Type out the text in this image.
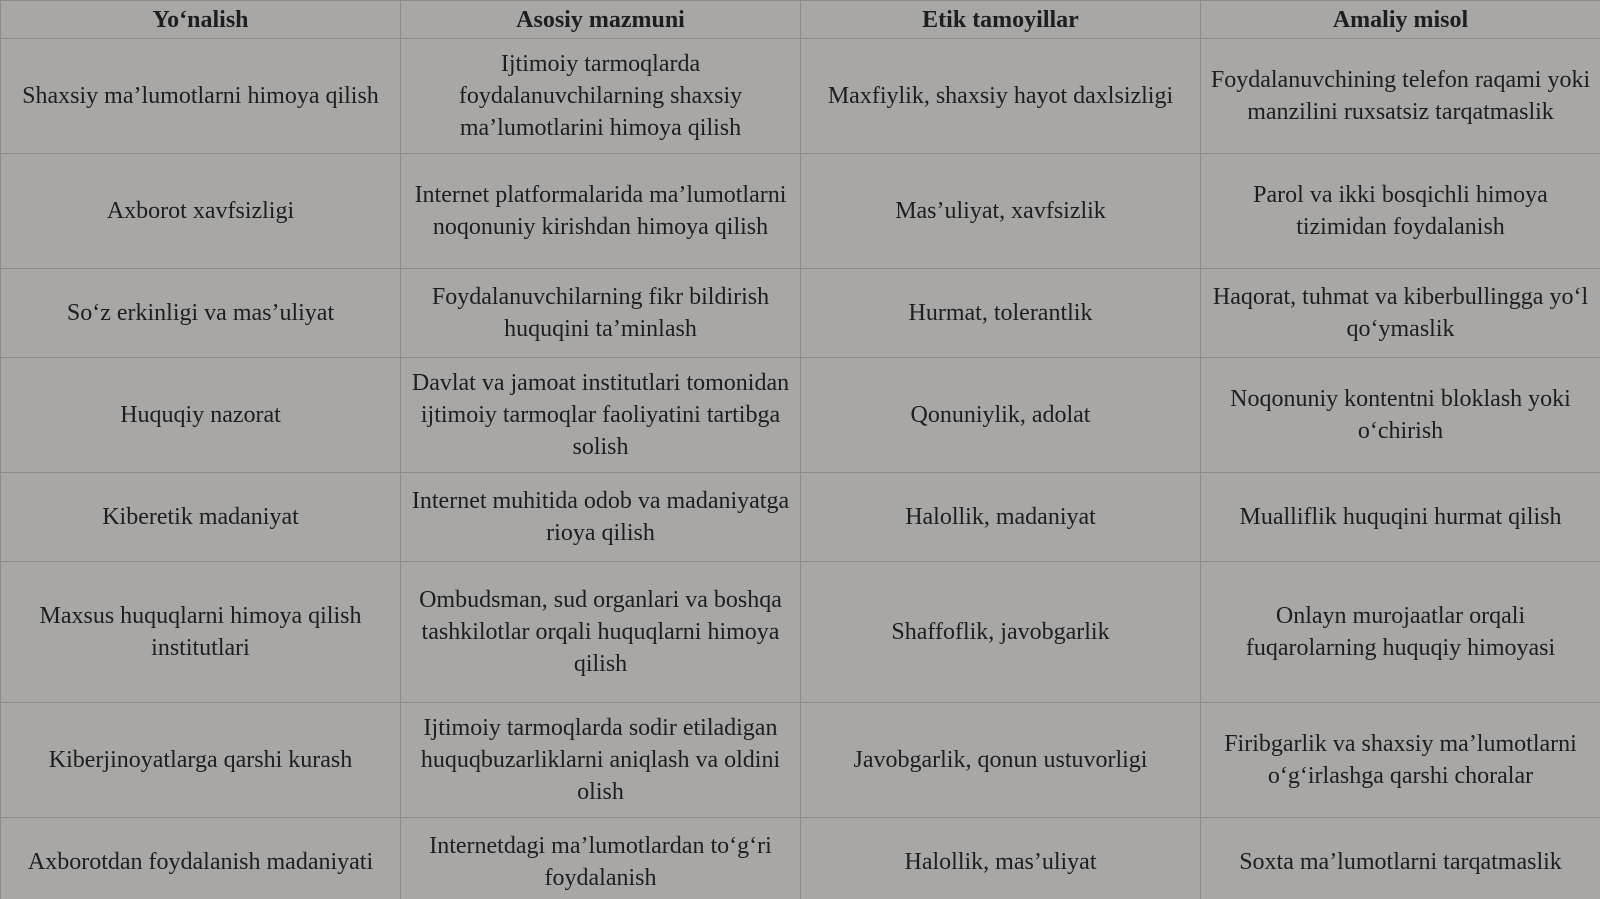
Yo‘nalish	Asosiy mazmuni	Etik tamoyillar	Amaliy misol
Shaxsiy ma’lumotlarni himoya qilish	Ijtimoiy tarmoqlarda foydalanuvchilarning shaxsiy ma’lumotlarini himoya qilish	Maxfiylik, shaxsiy hayot daxlsizligi	Foydalanuvchining telefon raqami yoki manzilini ruxsatsiz tarqatmaslik
Axborot xavfsizligi	Internet platformalarida ma’lumotlarni noqonuniy kirishdan himoya qilish	Mas’uliyat, xavfsizlik	Parol va ikki bosqichli himoya tizimidan foydalanish
So‘z erkinligi va mas’uliyat	Foydalanuvchilarning fikr bildirish huquqini ta’minlash	Hurmat, tolerantlik	Haqorat, tuhmat va kiberbullingga yo‘l qo‘ymaslik
Huquqiy nazorat	Davlat va jamoat institutlari tomonidan ijtimoiy tarmoqlar faoliyatini tartibga solish	Qonuniylik, adolat	Noqonuniy kontentni bloklash yoki o‘chirish
Kiberetik madaniyat	Internet muhitida odob va madaniyatga rioya qilish	Halollik, madaniyat	Mualliflik huquqini hurmat qilish
Maxsus huquqlarni himoya qilish institutlari	Ombudsman, sud organlari va boshqa tashkilotlar orqali huquqlarni himoya qilish	Shaffoflik, javobgarlik	Onlayn murojaatlar orqali fuqarolarning huquqiy himoyasi
Kiberjinoyatlarga qarshi kurash	Ijtimoiy tarmoqlarda sodir etiladigan huquqbuzarliklarni aniqlash va oldini olish	Javobgarlik, qonun ustuvorligi	Firibgarlik va shaxsiy ma’lumotlarni o‘g‘irlashga qarshi choralar
Axborotdan foydalanish madaniyati	Internetdagi ma’lumotlardan to‘g‘ri foydalanish	Halollik, mas’uliyat	Soxta ma’lumotlarni tarqatmaslik
